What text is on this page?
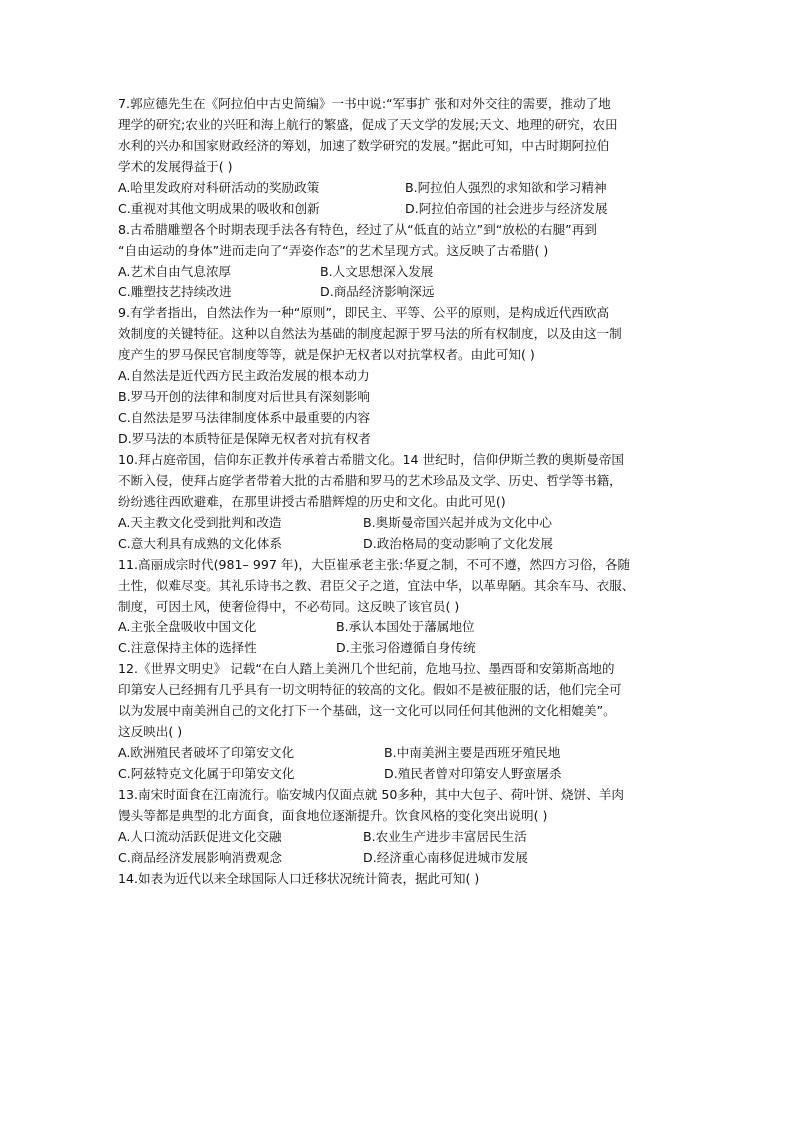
7.郭应德先生在《阿拉伯中古史简编》一书中说:“军事扩 张和对外交往的需要，推动了地
理学的研究;农业的兴旺和海上航行的繁盛，促成了天文学的发展;天文、地理的研究，农田
水利的兴办和国家财政经济的筹划，加速了数学研究的发展。”据此可知，中古时期阿拉伯
学术的发展得益于( )
A.哈里发政府对科研活动的奖励政策	B.阿拉伯人强烈的求知欲和学习精神
C.重视对其他文明成果的吸收和创新	D.阿拉伯帝国的社会进步与经济发展
8.古希腊雕塑各个时期表现手法各有特色，经过了从“低直的站立”到“放松的右腿”再到
“自由运动的身体”进而走向了“弄姿作态”的艺术呈现方式。这反映了古希腊( )
A.艺术自由气息浓厚	B.人文思想深入发展
C.雕塑技艺持续改进	D.商品经济影响深远
9.有学者指出，自然法作为一种“原则”，即民主、平等、公平的原则，是构成近代西欧高
效制度的关键特征。这种以自然法为基础的制度起源于罗马法的所有权制度，以及由这一制
度产生的罗马保民官制度等等，就是保护无权者以对抗掌权者。由此可知( )
A.自然法是近代西方民主政治发展的根本动力
B.罗马开创的法律和制度对后世具有深刻影响
C.自然法是罗马法律制度体系中最重要的内容
D.罗马法的本质特征是保障无权者对抗有权者
10.拜占庭帝国，信仰东正教并传承着古希腊文化。14 世纪时，信仰伊斯兰教的奥斯曼帝国
不断入侵，使拜占庭学者带着大批的古希腊和罗马的艺术珍品及文学、历史、哲学等书籍，
纷纷逃往西欧避难，在那里讲授古希腊辉煌的历史和文化。由此可见()
A.天主教文化受到批判和改造	B.奥斯曼帝国兴起并成为文化中心
C.意大利具有成熟的文化体系	D.政治格局的变动影响了文化发展
11.高丽成宗时代(981– 997 年)，大臣崔承老主张:华夏之制，不可不遵，然四方习俗，各随
土性，似难尽变。其礼乐诗书之教、君臣父子之道，宜法中华，以革卑陋。其余车马、衣服、
制度，可因土风，使奢俭得中，不必苟同。这反映了该官员( )
A.主张全盘吸收中国文化	B.承认本国处于藩属地位
C.注意保持主体的选择性	D.主张习俗遵循自身传统
12.《世界文明史》 记载“在白人踏上美洲几个世纪前，危地马拉、墨西哥和安第斯高地的
印第安人已经拥有几乎具有一切文明特征的较高的文化。假如不是被征服的话，他们完全可
以为发展中南美洲自己的文化打下一个基础，这一文化可以同任何其他洲的文化相媲美”。
这反映出( )
A.欧洲殖民者破坏了印第安文化	B.中南美洲主要是西班牙殖民地
C.阿兹特克文化属于印第安文化	D.殖民者曾对印第安人野蛮屠杀
13.南宋时面食在江南流行。临安城内仅面点就 50多种，其中大包子、荷叶饼、烧饼、羊肉
馒头等都是典型的北方面食，面食地位逐渐提升。饮食风格的变化突出说明( )
A.人口流动活跃促进文化交融	B.农业生产进步丰富居民生活
C.商品经济发展影响消费观念	D.经济重心南移促进城市发展
14.如表为近代以来全球国际人口迁移状况统计简表，据此可知( )
